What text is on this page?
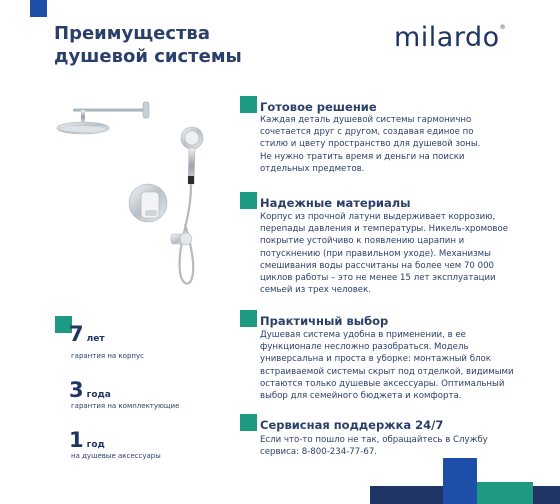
Преимущества
душевой системы
milardo®
Готовое решение

Каждая деталь душевой системы гармонично
сочетается друг с другом, создавая единое по
стилю и цвету пространство для душевой зоны.
Не нужно тратить время и деньги на поиски
отдельных предметов.

Надежные материалы

Корпус из прочной латуни выдерживает коррозию,
перепады давления и температуры. Никель-хромовое
покрытие устойчиво к появлению царапин и
потускнению (при правильном уходе). Механизмы
смешивания воды рассчитаны на более чем 70 000
циклов работы – это не менее 15 лет эксплуатации
семьей из трех человек.

Практичный выбор

Душевая система удобна в применении, в ее
функционале несложно разобраться. Модель
универсальна и проста в уборке: монтажный блок
встраиваемой системы скрыт под отделкой, видимыми
остаются только душевые аксессуары. Оптимальный
выбор для семейного бюджета и комфорта.

Сервисная поддержка 24/7

Если что-то пошло не так, обращайтесь в Службу
сервиса: 8-800-234-77-67.

7 лет
гарантия на корпус
3 года
гарантия на комплектующие
1 год
на душевые аксессуары
